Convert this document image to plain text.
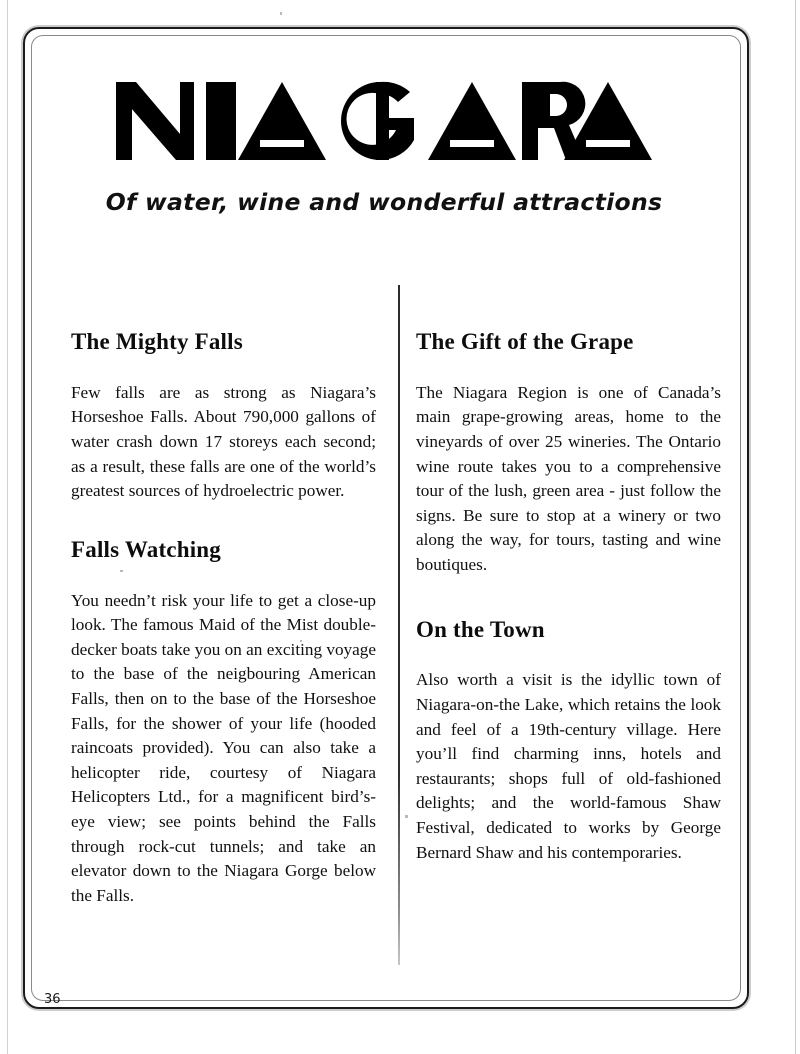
Of water, wine and wonderful attractions

The Mighty Falls

Few falls are as strong as Niagara’s Horseshoe Falls. About 790,000 gallons of water crash down 17 storeys each second; as a result, these falls are one of the world’s greatest sources of hydroelectric power.

Falls Watching

You needn’t risk your life to get a close-up look. The famous Maid of the Mist double-decker boats take you on an exciting voyage to the base of the neigbouring American Falls, then on to the base of the Horseshoe Falls, for the shower of your life (hooded raincoats provided). You can also take a helicopter ride, courtesy of Niagara Helicopters Ltd., for a magnificent bird’s-eye view; see points behind the Falls through rock-cut tunnels; and take an elevator down to the Niagara Gorge below the Falls.

The Gift of the Grape

The Niagara Region is one of Canada’s main grape-growing areas, home to the vineyards of over 25 wineries. The Ontario wine route takes you to a comprehensive tour of the lush, green area - just follow the signs. Be sure to stop at a winery or two along the way, for tours, tasting and wine boutiques.

On the Town

Also worth a visit is the idyllic town of Niagara-on-the Lake, which retains the look and feel of a 19th-century village. Here you’ll find charming inns, hotels and restaurants; shops full of old-fashioned delights; and the world-famous Shaw Festival, dedicated to works by George Bernard Shaw and his contemporaries.

36
